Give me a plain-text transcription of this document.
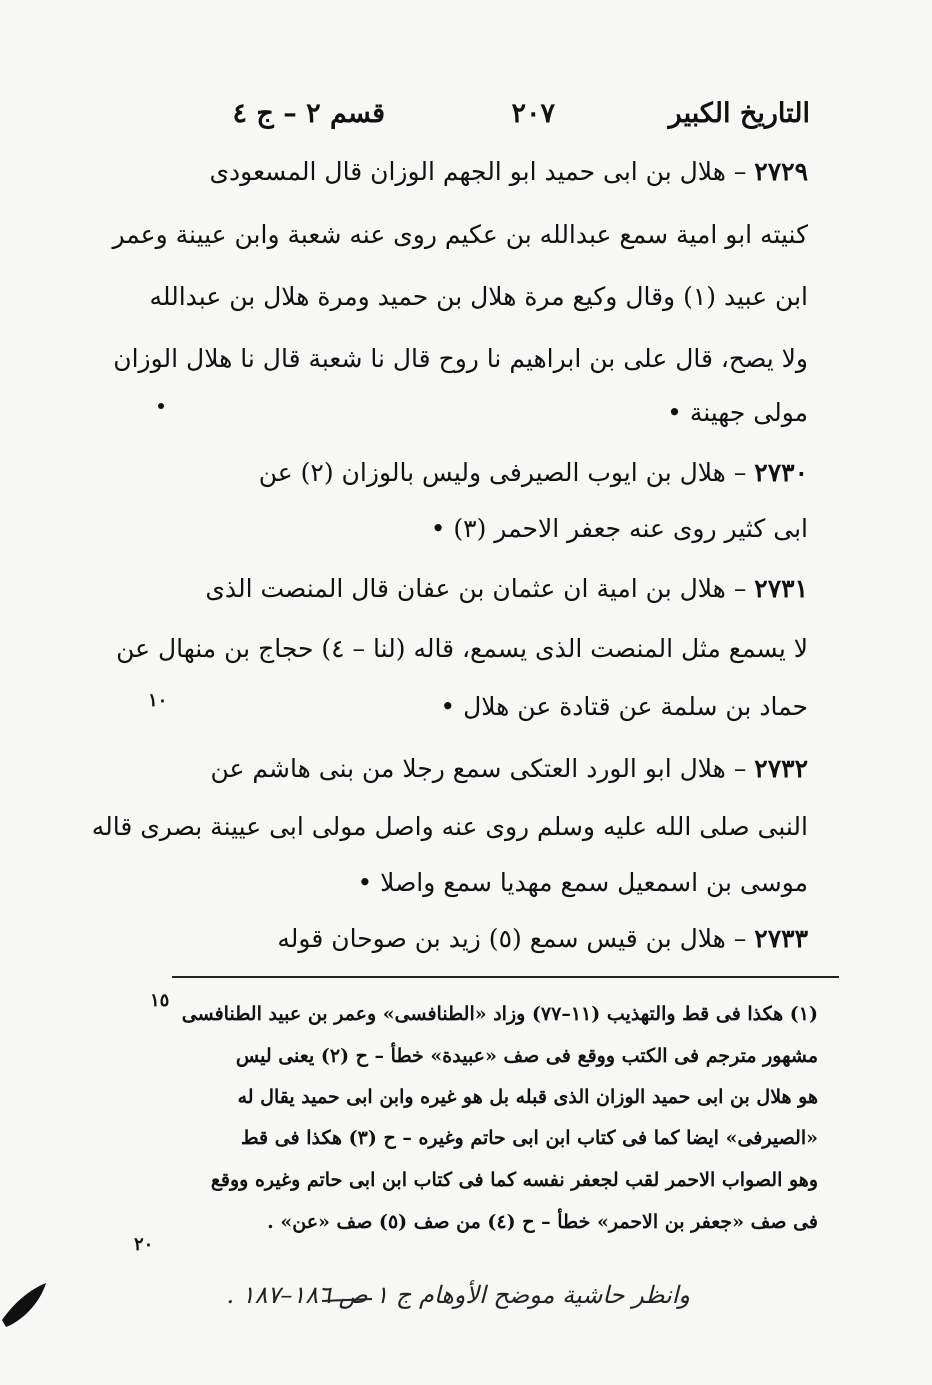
التاريخ الكبير
٢٠٧
قسم ٢ – ج ٤
٢٧٢٩ – هلال بن ابى حميد ابو الجهم الوزان قال المسعودى
كنيته ابو امية سمع عبدالله بن عكيم روى عنه شعبة وابن عيينة وعمر
ابن عبيد (١) وقال وكيع مرة هلال بن حميد ومرة هلال بن عبدالله
ولا يصح، قال على بن ابراهيم نا روح قال نا شعبة قال نا هلال الوزان
مولى جهينة •
٢٧٣٠ – هلال بن ايوب الصيرفى وليس بالوزان (٢) عن
ابى كثير روى عنه جعفر الاحمر (٣) •
٢٧٣١ – هلال بن امية ان عثمان بن عفان قال المنصت الذى
لا يسمع مثل المنصت الذى يسمع، قاله (لنا – ٤) حجاج بن منهال عن
حماد بن سلمة عن قتادة عن هلال •
٢٧٣٢ – هلال ابو الورد العتكى سمع رجلا من بنى هاشم عن
النبى صلى الله عليه وسلم روى عنه واصل مولى ابى عيينة بصرى قاله
موسى بن اسمعيل سمع مهديا سمع واصلا •
٢٧٣٣ – هلال بن قيس سمع (٥) زيد بن صوحان قوله
١٠
١٥
٢٠
(١) هكذا فى قط والتهذيب (١١–٧٧) وزاد «الطنافسى» وعمر بن عبيد الطنافسى
مشهور مترجم فى الكتب ووقع فى صف «عبيدة» خطأ – ح (٢) يعنى ليس
هو هلال بن ابى حميد الوزان الذى قبله بل هو غيره وابن ابى حميد يقال له
«الصيرفى» ايضا كما فى كتاب ابن ابى حاتم وغيره – ح (٣) هكذا فى قط
وهو الصواب الاحمر لقب لجعفر نفسه كما فى كتاب ابن ابى حاتم وغيره ووقع
فى صف «جعفر بن الاحمر» خطأ – ح (٤) من صف (٥) صف «عن» .
وانظر حاشية موضح الأوهام ج ١ ص ١٨٦–١٨٧ .
